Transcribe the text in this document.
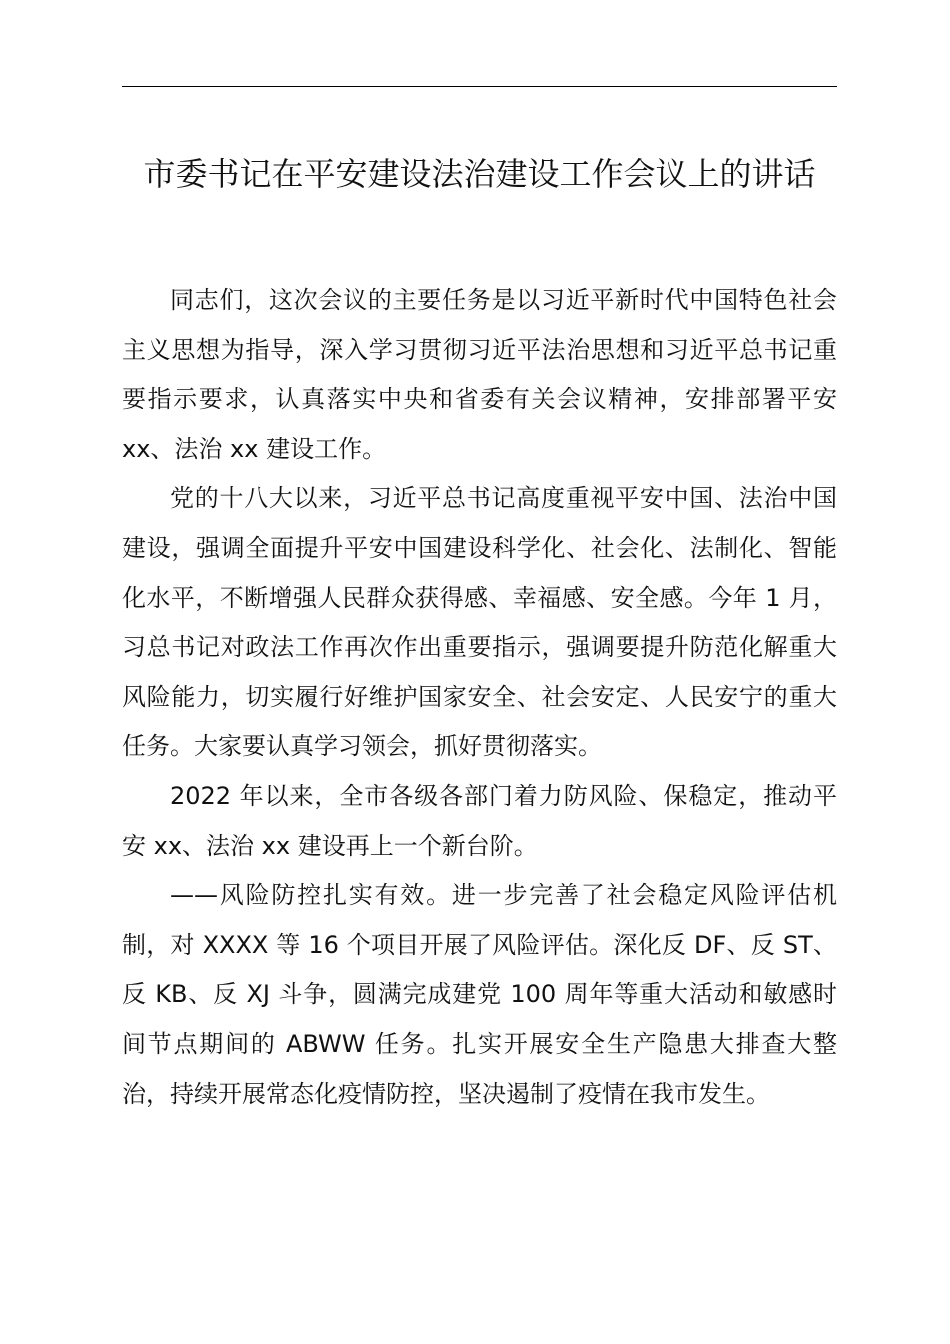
市委书记在平安建设法治建设工作会议上的讲话

同志们，这次会议的主要任务是以习近平新时代中国特色社会主义思想为指导，深入学习贯彻习近平法治思想和习近平总书记重要指示要求，认真落实中央和省委有关会议精神，安排部署平安 xx、法治 xx 建设工作。

党的十八大以来，习近平总书记高度重视平安中国、法治中国建设，强调全面提升平安中国建设科学化、社会化、法制化、智能化水平，不断增强人民群众获得感、幸福感、安全感。今年 1 月，习总书记对政法工作再次作出重要指示，强调要提升防范化解重大风险能力，切实履行好维护国家安全、社会安定、人民安宁的重大任务。大家要认真学习领会，抓好贯彻落实。

2022 年以来，全市各级各部门着力防风险、保稳定，推动平安 xx、法治 xx 建设再上一个新台阶。

——风险防控扎实有效。进一步完善了社会稳定风险评估机制，对 XXXX 等 16 个项目开展了风险评估。深化反 DF、反 ST、反 KB、反 XJ 斗争，圆满完成建党 100 周年等重大活动和敏感时间节点期间的 ABWW 任务。扎实开展安全生产隐患大排查大整治，持续开展常态化疫情防控，坚决遏制了疫情在我市发生。
